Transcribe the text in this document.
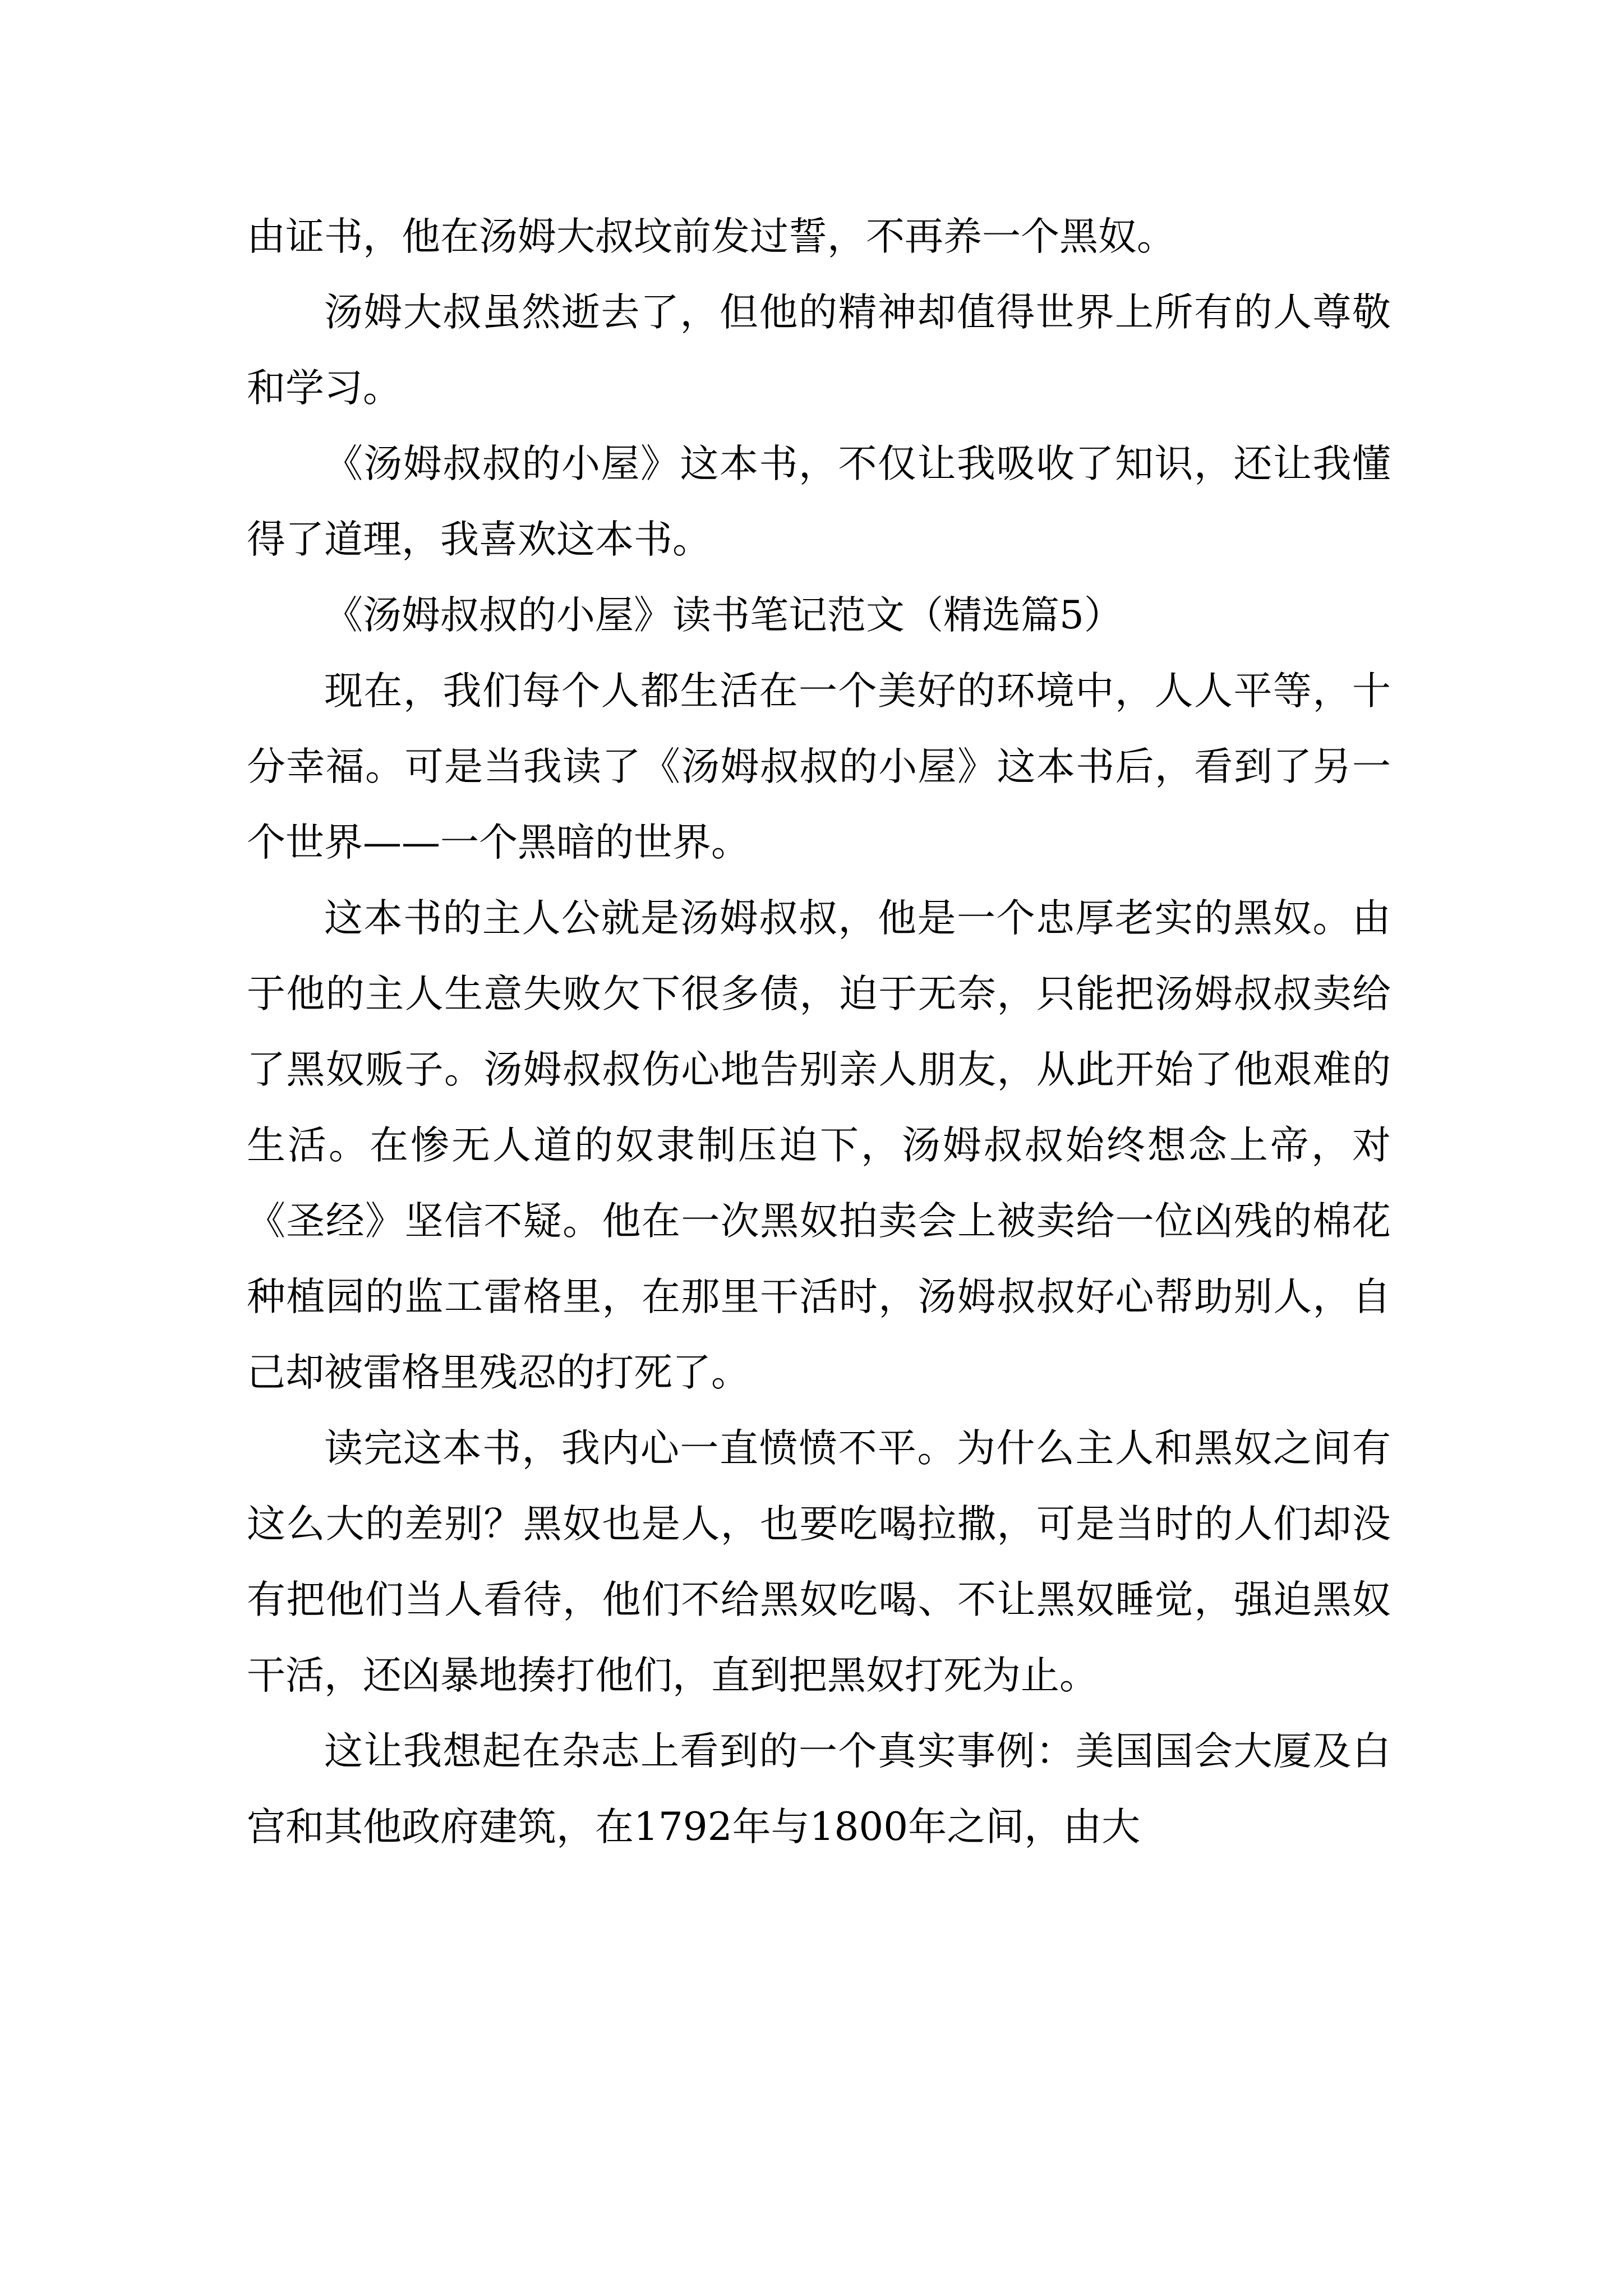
由证书，他在汤姆大叔坟前发过誓，不再养一个黑奴。

汤姆大叔虽然逝去了，但他的精神却值得世界上所有的人尊敬和学习。

《汤姆叔叔的小屋》这本书，不仅让我吸收了知识，还让我懂得了道理，我喜欢这本书。

《汤姆叔叔的小屋》读书笔记范文（精选篇5）

现在，我们每个人都生活在一个美好的环境中，人人平等，十分幸福。可是当我读了《汤姆叔叔的小屋》这本书后，看到了另一个世界——一个黑暗的世界。

这本书的主人公就是汤姆叔叔，他是一个忠厚老实的黑奴。由于他的主人生意失败欠下很多债，迫于无奈，只能把汤姆叔叔卖给了黑奴贩子。汤姆叔叔伤心地告别亲人朋友，从此开始了他艰难的生活。在惨无人道的奴隶制压迫下，汤姆叔叔始终想念上帝，对《圣经》坚信不疑。他在一次黑奴拍卖会上被卖给一位凶残的棉花种植园的监工雷格里，在那里干活时，汤姆叔叔好心帮助别人，自己却被雷格里残忍的打死了。

读完这本书，我内心一直愤愤不平。为什么主人和黑奴之间有这么大的差别？黑奴也是人，也要吃喝拉撒，可是当时的人们却没有把他们当人看待，他们不给黑奴吃喝、不让黑奴睡觉，强迫黑奴干活，还凶暴地揍打他们，直到把黑奴打死为止。

这让我想起在杂志上看到的一个真实事例：美国国会大厦及白宫和其他政府建筑，在1792年与1800年之间，由大
